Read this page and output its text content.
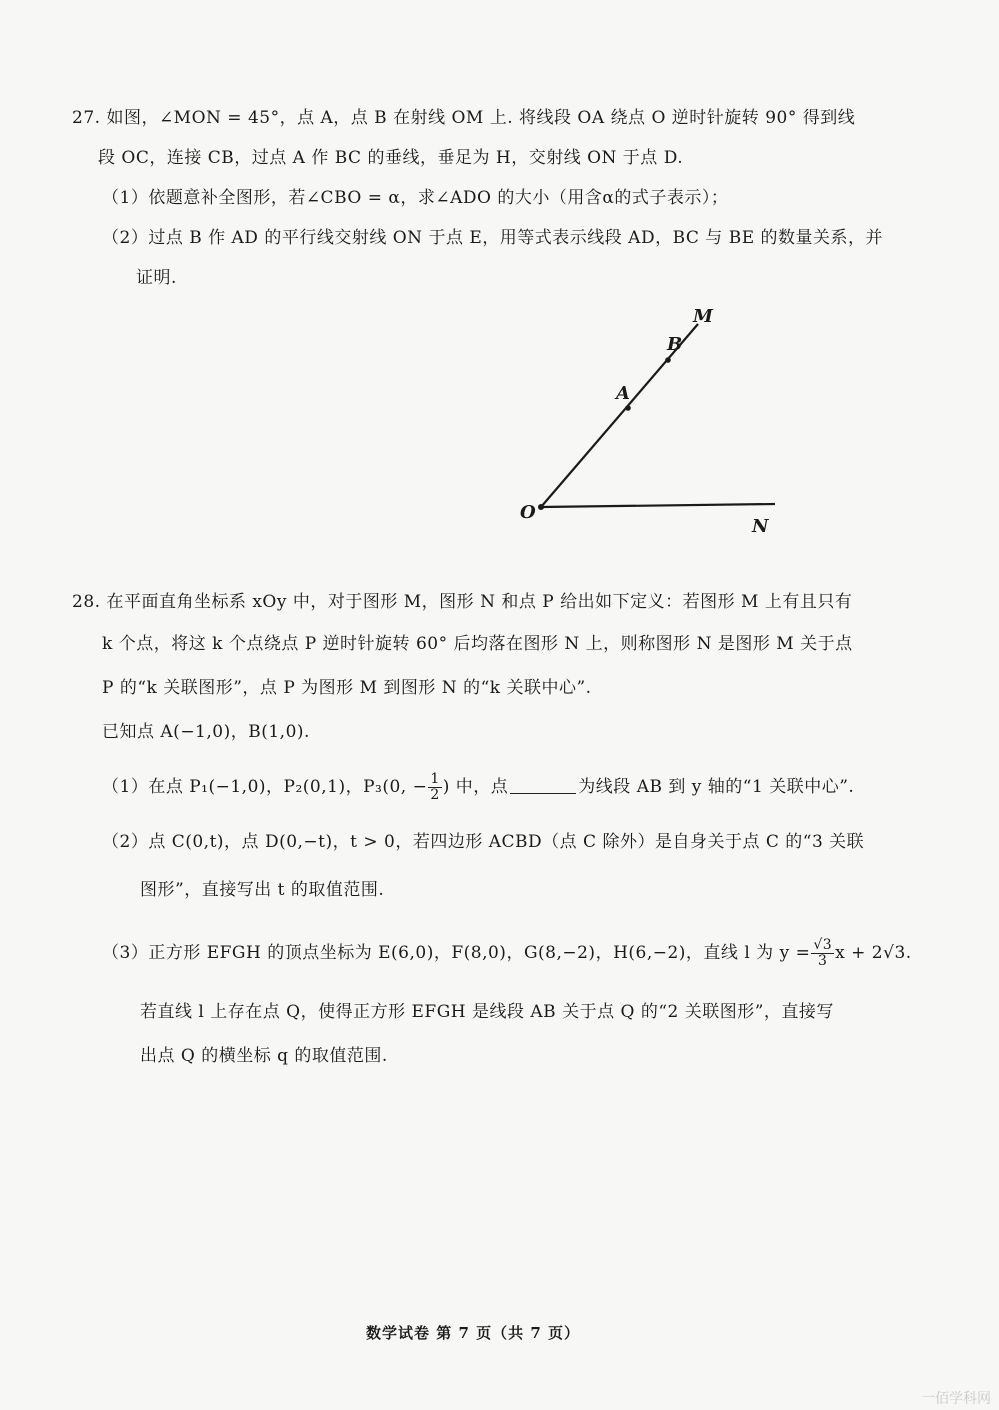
27. 如图，∠MON = 45°，点 A，点 B 在射线 OM 上. 将线段 OA 绕点 O 逆时针旋转 90° 得到线
段 OC，连接 CB，过点 A 作 BC 的垂线，垂足为 H，交射线 ON 于点 D.
（1）依题意补全图形，若∠CBO = α，求∠ADO 的大小（用含α的式子表示）；
（2）过点 B 作 AD 的平行线交射线 ON 于点 E，用等式表示线段 AD，BC 与 BE 的数量关系，并
证明.
M
B
A
O
N
28. 在平面直角坐标系 xOy 中，对于图形 M，图形 N 和点 P 给出如下定义：若图形 M 上有且只有
k 个点，将这 k 个点绕点 P 逆时针旋转 60° 后均落在图形 N 上，则称图形 N 是图形 M 关于点
P 的“k 关联图形”，点 P 为图形 M 到图形 N 的“k 关联中心”.
已知点 A(−1,0)，B(1,0).
（1）在点 P₁(−1,0)，P₂(0,1)，P₃(0, − $\frac{1}{2}$ ) 中，点	为线段 AB 到 y 轴的“1 关联中心”.
（2）点 C(0,t)，点 D(0,−t)，t > 0，若四边形 ACBD（点 C 除外）是自身关于点 C 的“3 关联
图形”，直接写出 t 的取值范围.
（3）正方形 EFGH 的顶点坐标为 E(6,0)，F(8,0)，G(8,−2)，H(6,−2)，直线 l 为 $y = \frac{√3}{3}$ x + 2√3.
若直线 l 上存在点 Q，使得正方形 EFGH 是线段 AB 关于点 Q 的“2 关联图形”，直接写
出点 Q 的横坐标 q 的取值范围.
数学试卷 第 7 页（共 7 页）
一佰学科网
